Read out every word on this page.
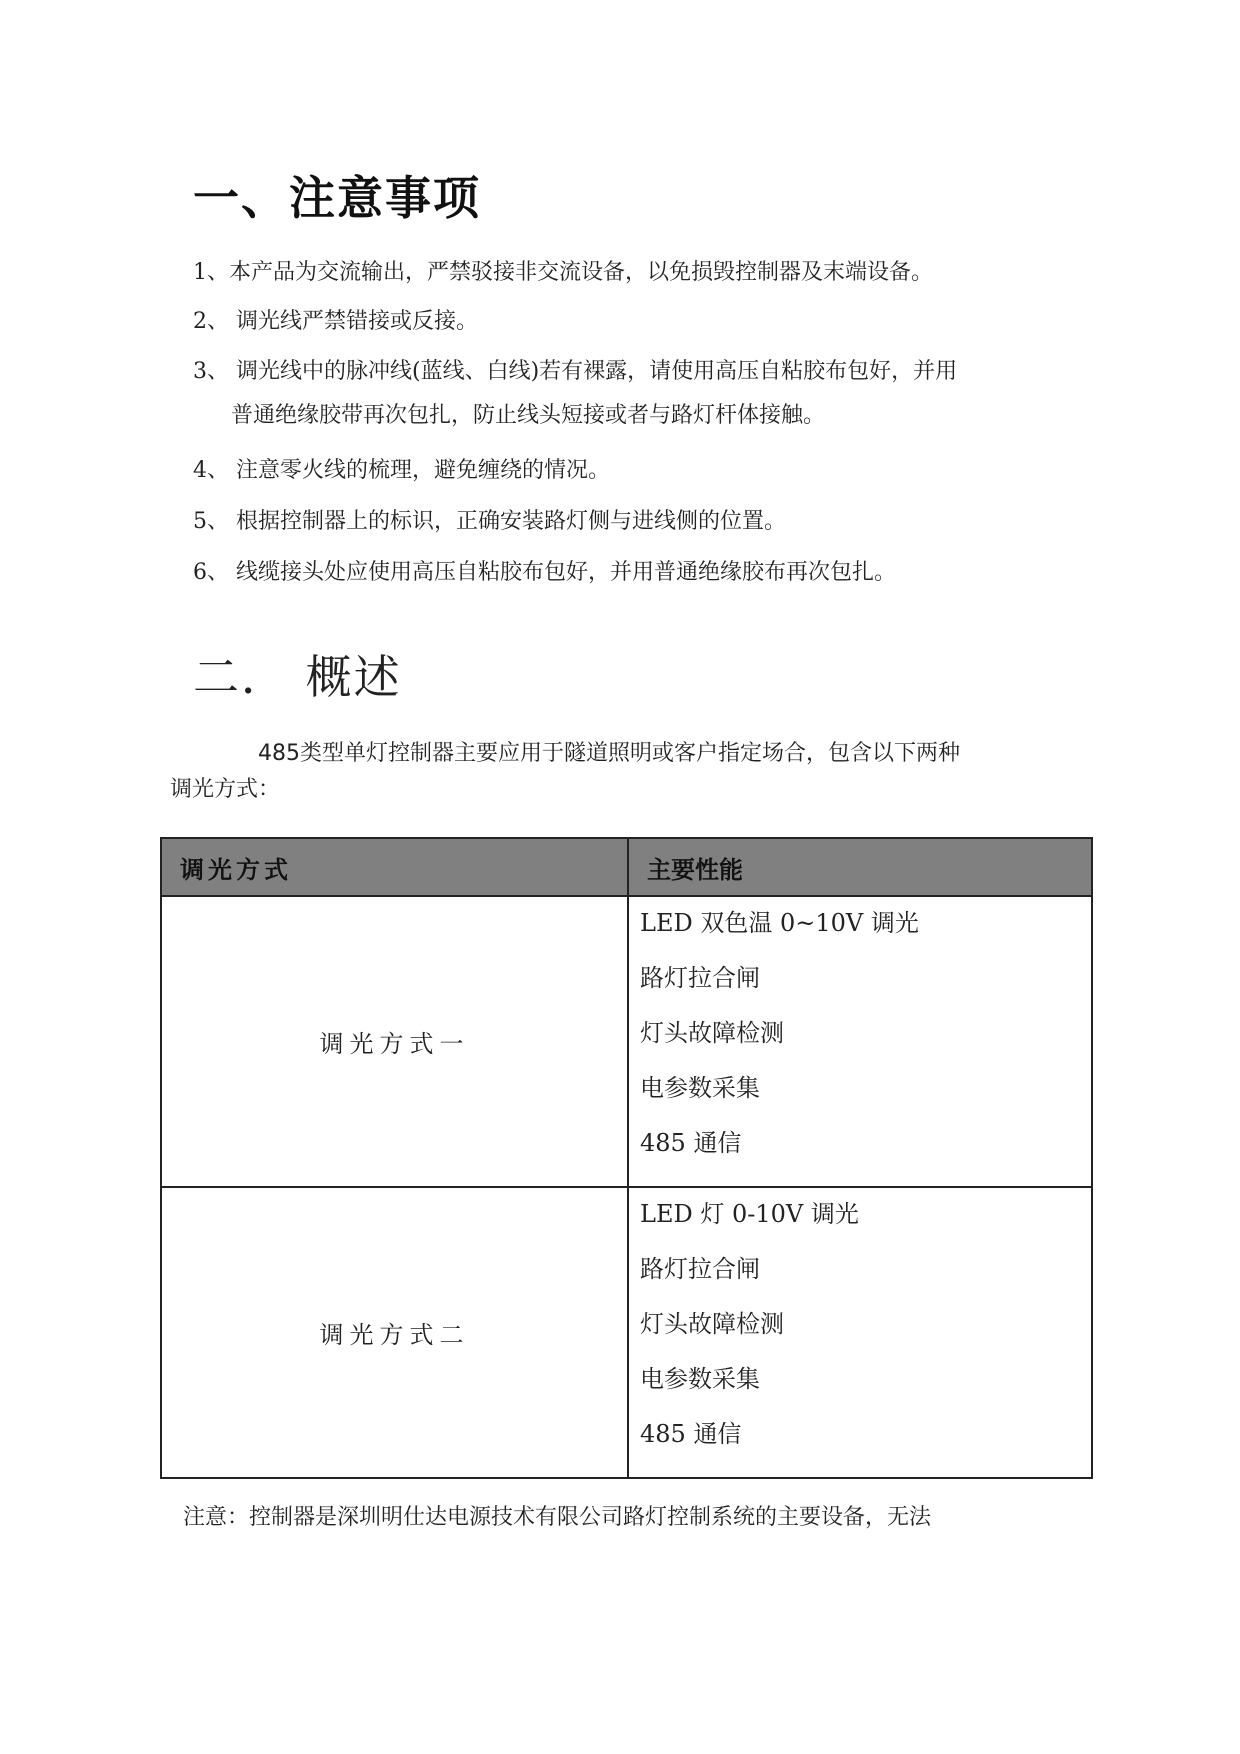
一、注意事项
1、本产品为交流输出，严禁驳接非交流设备，以免损毁控制器及末端设备。
2、 调光线严禁错接或反接。
3、 调光线中的脉冲线(蓝线、白线)若有裸露，请使用高压自粘胶布包好，并用
普通绝缘胶带再次包扎，防止线头短接或者与路灯杆体接触。
4、 注意零火线的梳理，避免缠绕的情况。
5、 根据控制器上的标识，正确安装路灯侧与进线侧的位置。
6、 线缆接头处应使用高压自粘胶布包好，并用普通绝缘胶布再次包扎。
二． 概述
485类型单灯控制器主要应用于隧道照明或客户指定场合，包含以下两种
调光方式：
调光方式	主要性能
调光方式一	LED 双色温 0~10V 调光
路灯拉合闸
灯头故障检测
电参数采集
485 通信

调光方式二	LED 灯 0-10V 调光
路灯拉合闸
灯头故障检测
电参数采集
485 通信
注意：控制器是深圳明仕达电源技术有限公司路灯控制系统的主要设备，无法
